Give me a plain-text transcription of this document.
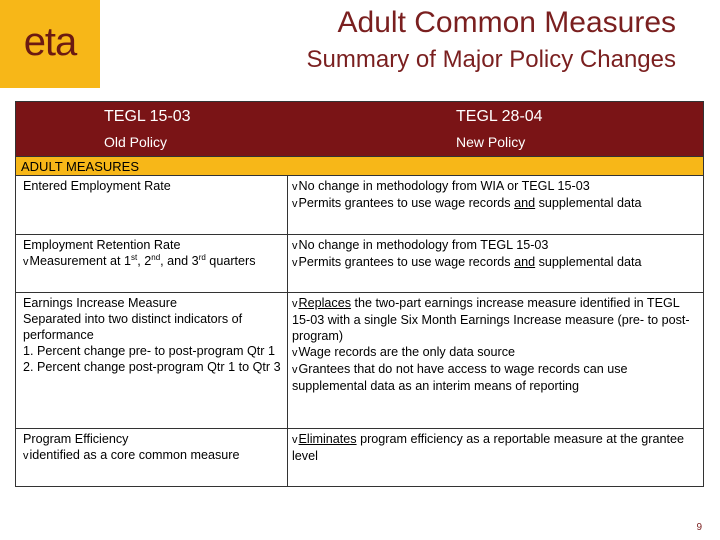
eta	Adult Common Measures
Summary of Major Policy Changes
TEGL 15-03
Old Policy
TEGL 28-04
New Policy
ADULT MEASURES
Entered Employment Rate	vNo change in methodology from WIA or TEGL 15-03
vPermits grantees to use wage records and supplemental data
Employment Retention Rate
vMeasurement at 1st, 2nd, and 3rd quarters
vNo change in methodology from TEGL 15-03
vPermits grantees to use wage records and supplemental data
Earnings Increase Measure
Separated into two distinct indicators of performance
1. Percent change pre- to post-program Qtr 1
2. Percent change post-program Qtr 1 to Qtr 3
vReplaces the two-part earnings increase measure identified in TEGL 15-03 with a single Six Month Earnings Increase measure (pre- to post-program)
vWage records are the only data source
vGrantees that do not have access to wage records can use supplemental data as an interim means of reporting
Program Efficiency
videntified as a core common measure
vEliminates program efficiency as a reportable measure at the grantee level
9
